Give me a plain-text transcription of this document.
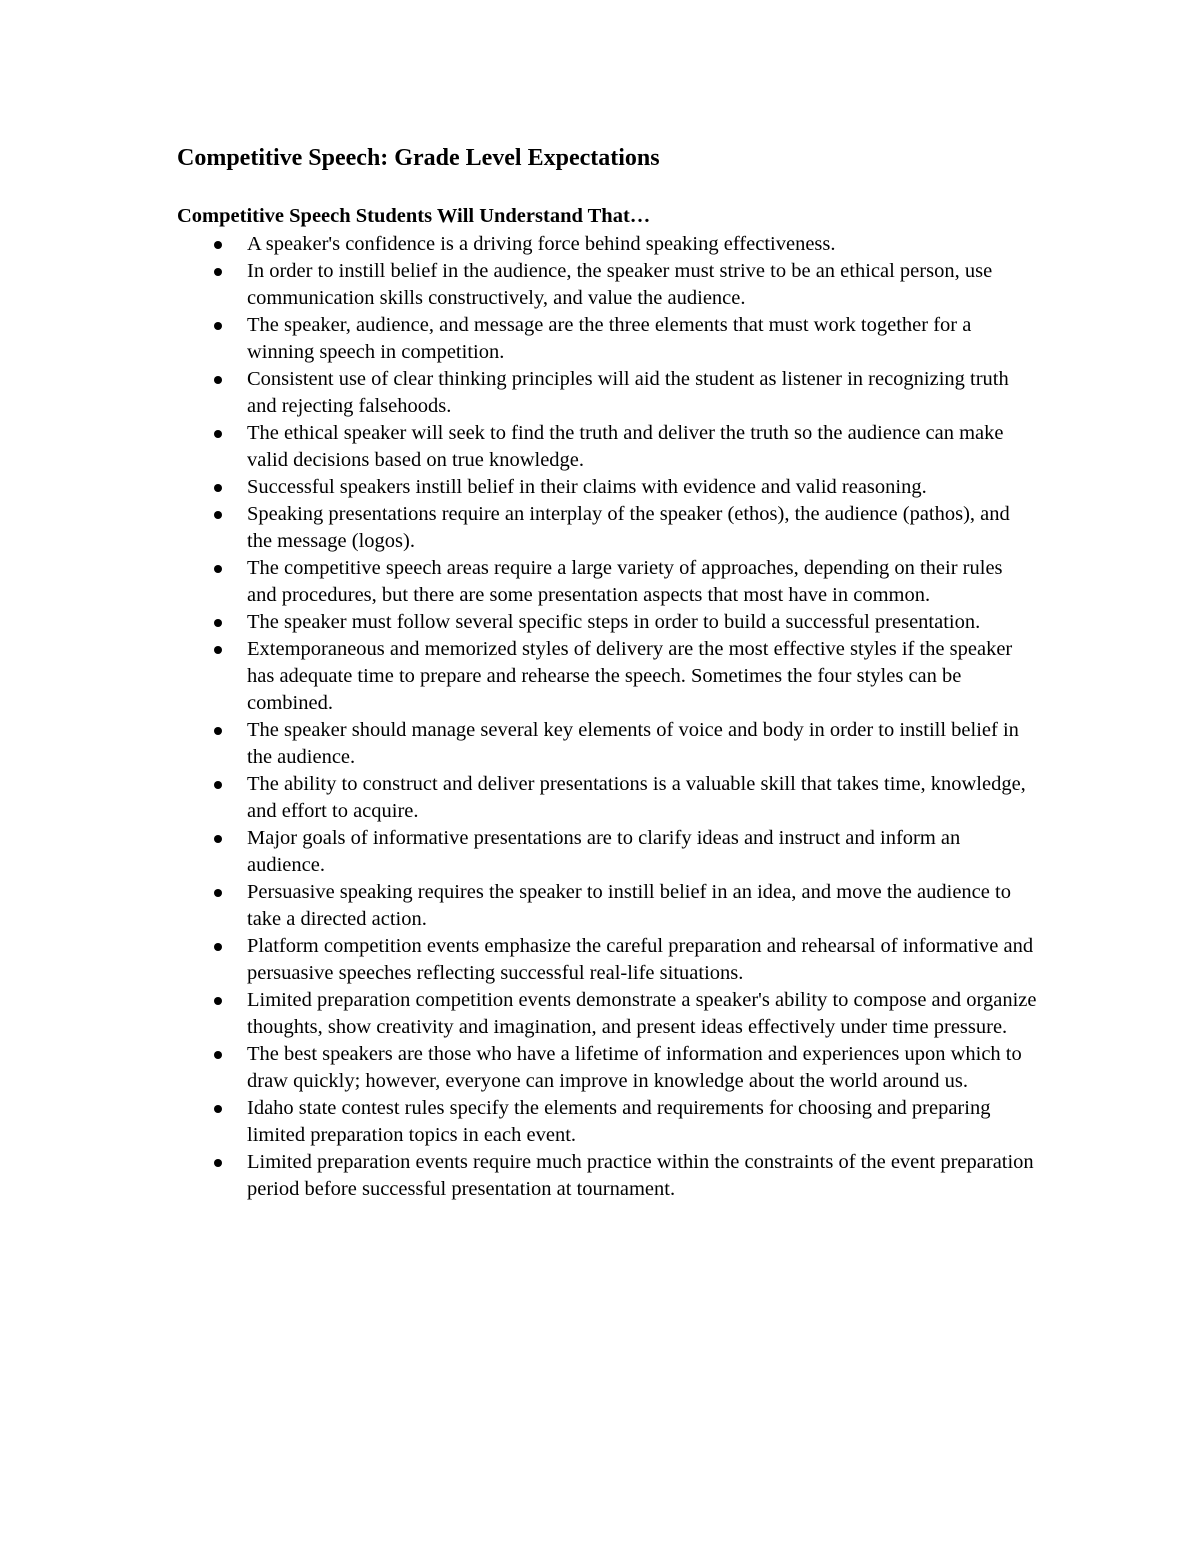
Competitive Speech: Grade Level Expectations
Competitive Speech Students Will Understand That…
A speaker's confidence is a driving force behind speaking effectiveness.
In order to instill belief in the audience, the speaker must strive to be an ethical person, use communication skills constructively, and value the audience.
The speaker, audience, and message are the three elements that must work together for a winning speech in competition.
Consistent use of clear thinking principles will aid the student as listener in recognizing truth and rejecting falsehoods.
The ethical speaker will seek to find the truth and deliver the truth so the audience can make valid decisions based on true knowledge.
Successful speakers instill belief in their claims with evidence and valid reasoning.
Speaking presentations require an interplay of the speaker (ethos), the audience (pathos), and the message (logos).
The competitive speech areas require a large variety of approaches, depending on their rules and procedures, but there are some presentation aspects that most have in common.
The speaker must follow several specific steps in order to build a successful presentation.
Extemporaneous and memorized styles of delivery are the most effective styles if the speaker has adequate time to prepare and rehearse the speech. Sometimes the four styles can be combined.
The speaker should manage several key elements of voice and body in order to instill belief in the audience.
The ability to construct and deliver presentations is a valuable skill that takes time, knowledge, and effort to acquire.
Major goals of informative presentations are to clarify ideas and instruct and inform an audience.
Persuasive speaking requires the speaker to instill belief in an idea, and move the audience to take a directed action.
Platform competition events emphasize the careful preparation and rehearsal of informative and persuasive speeches reflecting successful real-life situations.
Limited preparation competition events demonstrate a speaker's ability to compose and organize thoughts, show creativity and imagination, and present ideas effectively under time pressure.
The best speakers are those who have a lifetime of information and experiences upon which to draw quickly; however, everyone can improve in knowledge about the world around us.
Idaho state contest rules specify the elements and requirements for choosing and preparing limited preparation topics in each event.
Limited preparation events require much practice within the constraints of the event preparation period before successful presentation at tournament.
